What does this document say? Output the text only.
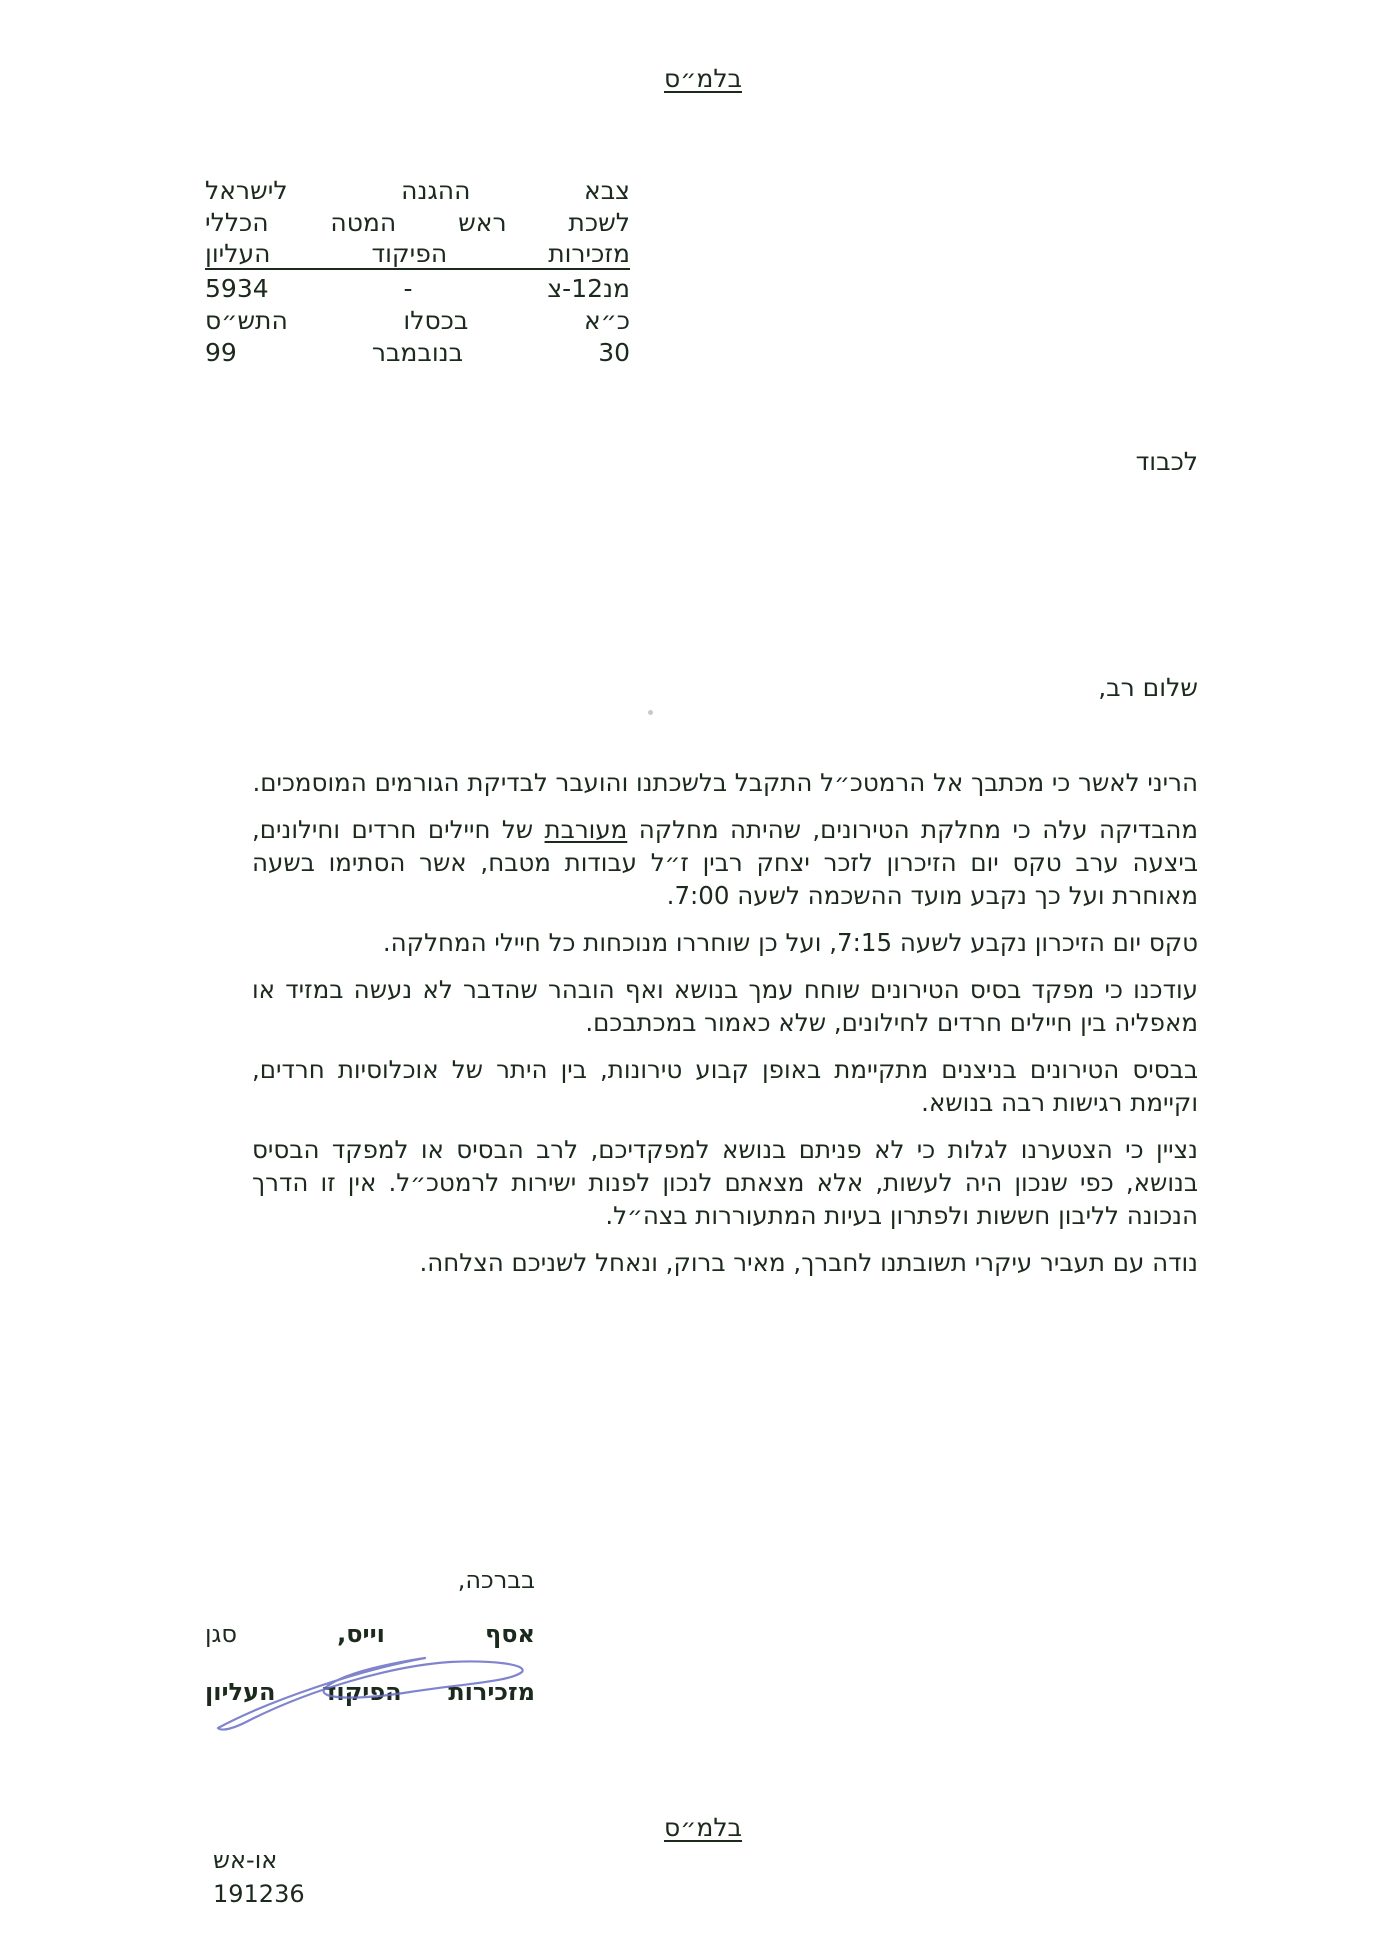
בלמ״ס
צבא
ההגנה
לישראל
לשכת
ראש
המטה
הכללי
מזכירות
הפיקוד
העליון
מנ12-צ
-
5934
כ״א
בכסלו
התש״ס
30
בנובמבר
99
לכבוד
שלום רב,

הריני לאשר כי מכתבך אל הרמטכ״ל התקבל בלשכתנו והועבר לבדיקת הגורמים המוסמכים.

מהבדיקה עלה כי מחלקת הטירונים, שהיתה מחלקה מעורבת של חיילים חרדים וחילונים, ביצעה ערב טקס יום הזיכרון לזכר יצחק רבין ז״ל עבודות מטבח, אשר הסתימו בשעה מאוחרת ועל כך נקבע מועד ההשכמה לשעה 7:00.

טקס יום הזיכרון נקבע לשעה 7:15, ועל כן שוחררו מנוכחות כל חיילי המחלקה.

עודכנו כי מפקד בסיס הטירונים שוחח עמך בנושא ואף הובהר שהדבר לא נעשה במזיד או מאפליה בין חיילים חרדים לחילונים, שלא כאמור במכתבכם.

בבסיס הטירונים בניצנים מתקיימת באופן קבוע טירונות, בין היתר של אוכלוסיות חרדים, וקיימת רגישות רבה בנושא.

נציין כי הצטערנו לגלות כי לא פניתם בנושא למפקדיכם, לרב הבסיס או למפקד הבסיס בנושא, כפי שנכון היה לעשות, אלא מצאתם לנכון לפנות ישירות לרמטכ״ל. אין זו הדרך הנכונה לליבון חששות ולפתרון בעיות המתעוררות בצה״ל.

נודה עם תעביר עיקרי תשובתנו לחברך, מאיר ברוק, ונאחל לשניכם הצלחה.

בברכה,
אסף
וייס,
סגן
מזכירות
הפיקוד
העליון
בלמ״ס
או-אש
191236
